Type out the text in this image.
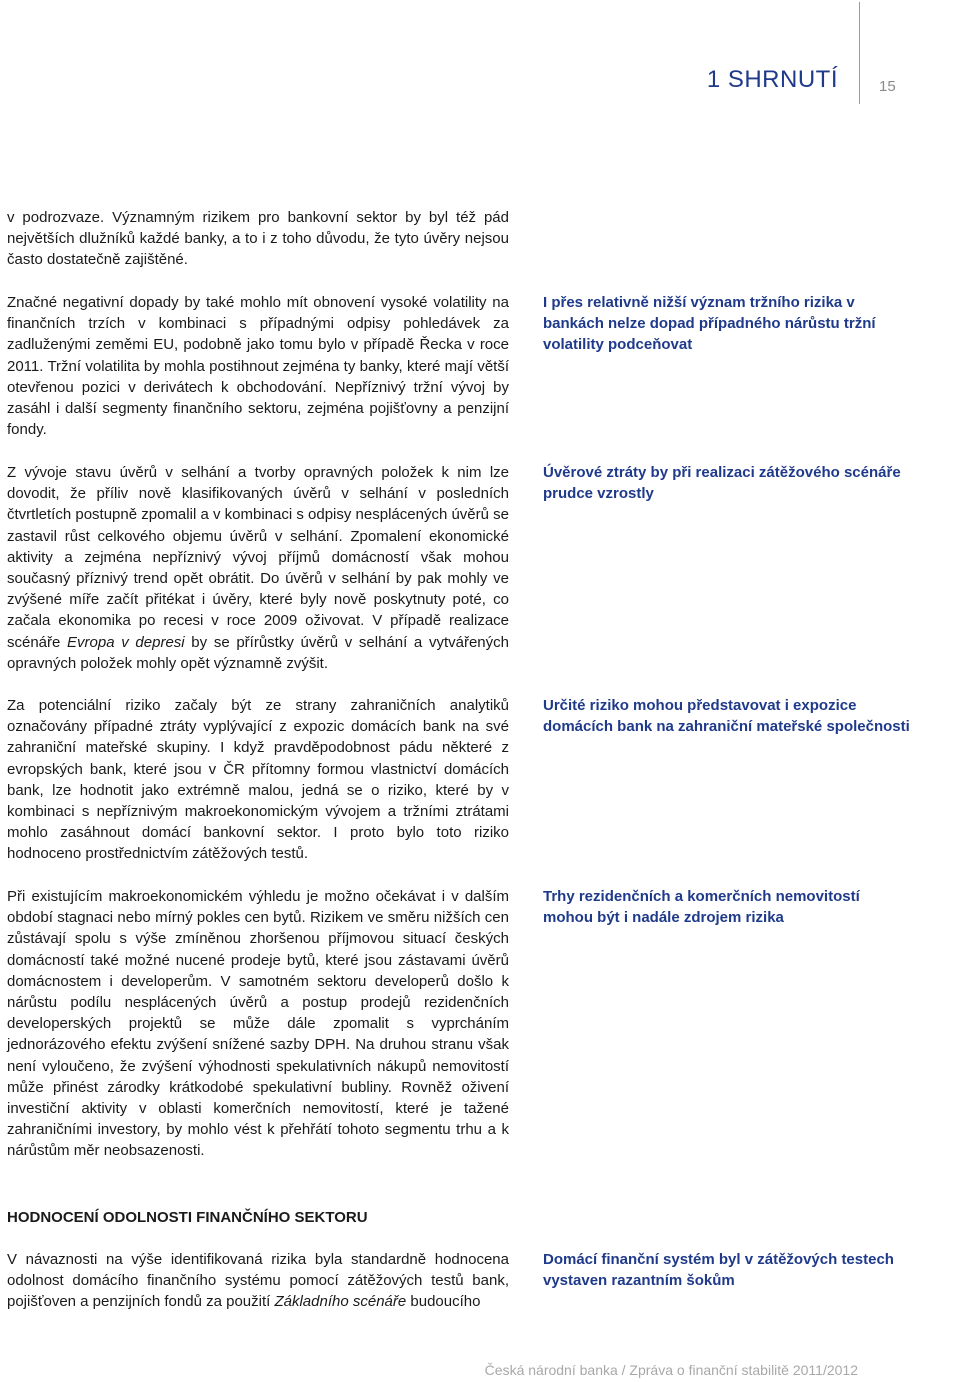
1 SHRNUTÍ	15

v podrozvaze. Významným rizikem pro bankovní sektor by byl též pád největších dlužníků každé banky, a to i z toho důvodu, že tyto úvěry nejsou často dostatečně zajištěné.

Značné negativní dopady by také mohlo mít obnovení vysoké volatility na finančních trzích v kombinaci s případnými odpisy pohledávek za zadluženými zeměmi EU, podobně jako tomu bylo v případě Řecka v roce 2011. Tržní volatilita by mohla postihnout zejména ty banky, které mají větší otevřenou pozici v derivátech k obchodování. Nepříznivý tržní vývoj by zasáhl i další segmenty finančního sektoru, zejména pojišťovny a penzijní fondy.

Z vývoje stavu úvěrů v selhání a tvorby opravných položek k nim lze dovodit, že příliv nově klasifikovaných úvěrů v selhání v posledních čtvrtletích postupně zpomalil a v kombinaci s odpisy nesplácených úvěrů se zastavil růst celkového objemu úvěrů v selhání. Zpomalení ekonomické aktivity a zejména nepříznivý vývoj příjmů domácností však mohou současný příznivý trend opět obrátit. Do úvěrů v selhání by pak mohly ve zvýšené míře začít přitékat i úvěry, které byly nově poskytnuty poté, co začala ekonomika po recesi v roce 2009 oživovat. V případě realizace scénáře Evropa v depresi by se přírůstky úvěrů v selhání a vytvářených opravných položek mohly opět významně zvýšit.

Za potenciální riziko začaly být ze strany zahraničních analytiků označovány případné ztráty vyplývající z expozic domácích bank na své zahraniční mateřské skupiny. I když pravděpodobnost pádu některé z evropských bank, které jsou v ČR přítomny formou vlastnictví domácích bank, lze hodnotit jako extrémně malou, jedná se o riziko, které by v kombinaci s nepříznivým makroekonomickým vývojem a tržními ztrátami mohlo zasáhnout domácí bankovní sektor. I proto bylo toto riziko hodnoceno prostřednictvím zátěžových testů.

Při existujícím makroekonomickém výhledu je možno očekávat i v dalším období stagnaci nebo mírný pokles cen bytů. Rizikem ve směru nižších cen zůstávají spolu s výše zmíněnou zhoršenou příjmovou situací českých domácností také možné nucené prodeje bytů, které jsou zástavami úvěrů domácnostem i developerům. V samotném sektoru developerů došlo k nárůstu podílu nesplácených úvěrů a postup prodejů rezidenčních developerských projektů se může dále zpomalit s vyprcháním jednorázového efektu zvýšení snížené sazby DPH. Na druhou stranu však není vyloučeno, že zvýšení výhodnosti spekulativních nákupů nemovitostí může přinést zárodky krátkodobé spekulativní bubliny. Rovněž oživení investiční aktivity v oblasti komerčních nemovitostí, které je tažené zahraničními investory, by mohlo vést k přehřátí tohoto segmentu trhu a k nárůstům měr neobsazenosti.

HODNOCENÍ ODOLNOSTI FINANČNÍHO SEKTORU

V návaznosti na výše identifikovaná rizika byla standardně hodnocena odolnost domácího finančního systému pomocí zátěžových testů bank, pojišťoven a penzijních fondů za použití Základního scénáře budoucího

I přes relativně nižší význam tržního rizika v bankách nelze dopad případného nárůstu tržní volatility podceňovat
Úvěrové ztráty by při realizaci zátěžového scénáře prudce vzrostly
Určité riziko mohou představovat i expozice domácích bank na zahraniční mateřské společnosti
Trhy rezidenčních a komerčních nemovitostí mohou být i nadále zdrojem rizika
Domácí finanční systém byl v zátěžových testech vystaven razantním šokům
Česká národní banka / Zpráva o finanční stabilitě 2011/2012
